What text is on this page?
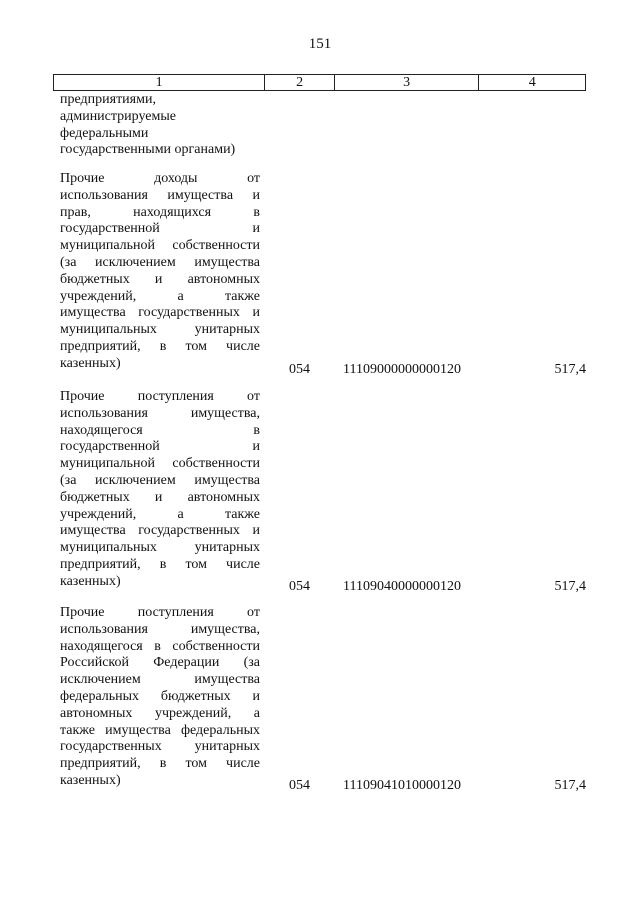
151
1	2	3	4
предприятиями,
администрируемые
федеральными
государственными органами)
Прочие доходы от
использования имущества и
прав, находящихся в
государственной и
муниципальной собственности
(за исключением имущества
бюджетных и автономных
учреждений, а также
имущества государственных и
муниципальных унитарных
предприятий, в том числе
казенных)	054 11109000000000120	517,4
Прочие поступления от
использования имущества,
находящегося в
государственной и
муниципальной собственности
(за исключением имущества
бюджетных и автономных
учреждений, а также
имущества государственных и
муниципальных унитарных
предприятий, в том числе
казенных)	054 11109040000000120	517,4
Прочие поступления от
использования имущества,
находящегося в собственности
Российской Федерации (за
исключением имущества
федеральных бюджетных и
автономных учреждений, а
также имущества федеральных
государственных унитарных
предприятий, в том числе
казенных)	054 11109041010000120	517,4
